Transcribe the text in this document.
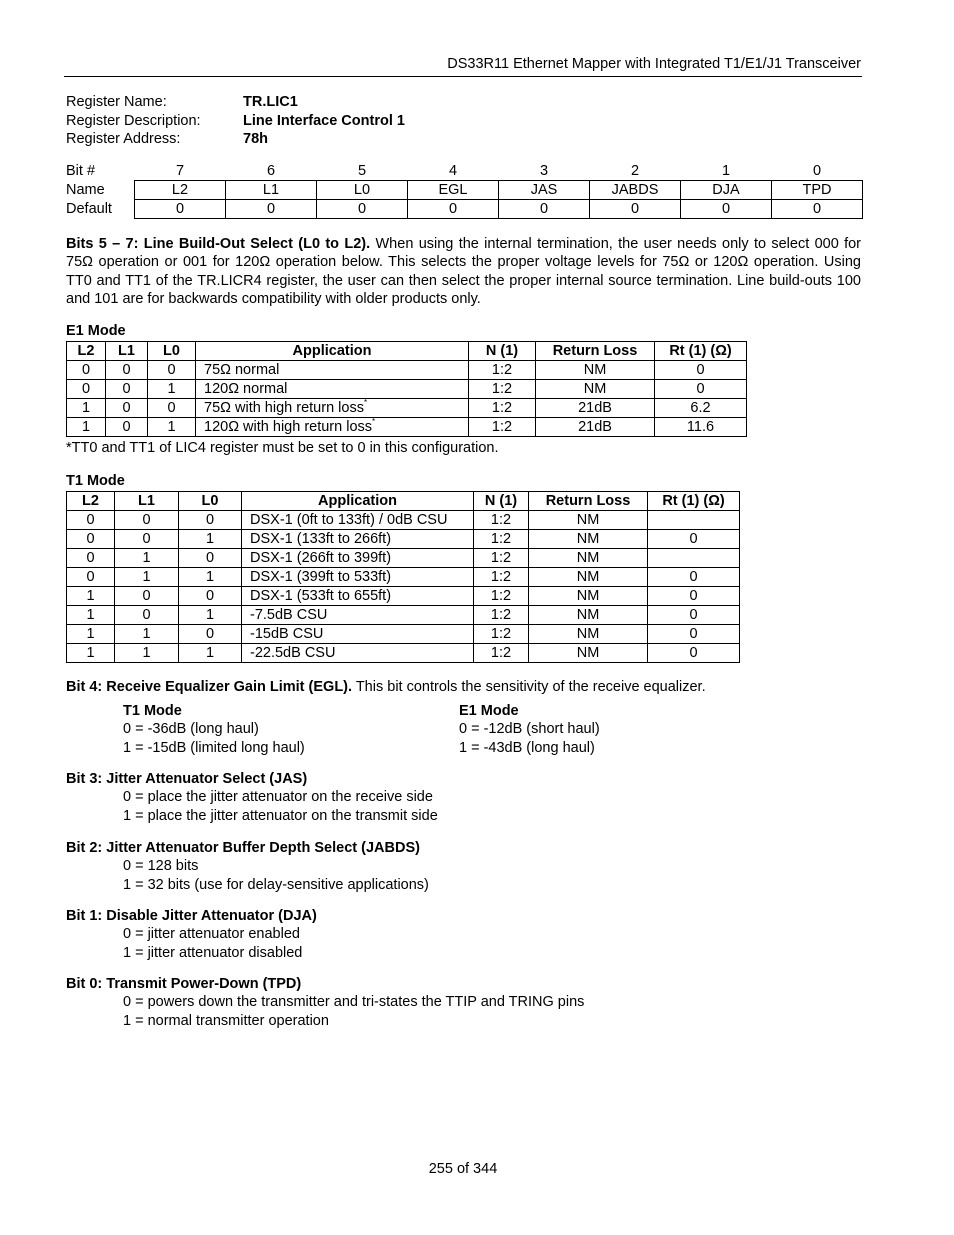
DS33R11 Ethernet Mapper with Integrated T1/E1/J1 Transceiver
Register Name:	TR.LIC1
Register Description:	Line Interface Control 1
Register Address:	78h
Bit #	7	6	5	4	3	2	1	0
Name	L2	L1	L0	EGL	JAS	JABDS	DJA	TPD
Default	0	0	0	0	0	0	0	0
Bits 5 – 7: Line Build-Out Select (L0 to L2). When using the internal termination, the user needs only to select 000 for 75Ω operation or 001 for 120Ω operation below. This selects the proper voltage levels for 75Ω or 120Ω operation. Using TT0 and TT1 of the TR.LICR4 register, the user can then select the proper internal source termination. Line build-outs 100 and 101 are for backwards compatibility with older products only.
E1 Mode
L2	L1	L0	Application	N (1)	Return Loss	Rt (1) (Ω)
0	0	0	75Ω normal	1:2	NM	0
0	0	1	120Ω normal	1:2	NM	0
1	0	0	75Ω with high return loss*	1:2	21dB	6.2
1	0	1	120Ω with high return loss*	1:2	21dB	11.6
*TT0 and TT1 of LIC4 register must be set to 0 in this configuration.
T1 Mode
L2	L1	L0	Application	N (1)	Return Loss	Rt (1) (Ω)
0	0	0	DSX-1 (0ft to 133ft) / 0dB CSU	1:2	NM	
0	0	1	DSX-1 (133ft to 266ft)	1:2	NM	0
0	1	0	DSX-1 (266ft to 399ft)	1:2	NM	
0	1	1	DSX-1 (399ft to 533ft)	1:2	NM	0
1	0	0	DSX-1 (533ft to 655ft)	1:2	NM	0
1	0	1	-7.5dB CSU	1:2	NM	0
1	1	0	-15dB CSU	1:2	NM	0
1	1	1	-22.5dB CSU	1:2	NM	0
Bit 4: Receive Equalizer Gain Limit (EGL). This bit controls the sensitivity of the receive equalizer.
T1 Mode
0 = -36dB (long haul)
1 = -15dB (limited long haul)
E1 Mode
0 = -12dB (short haul)
1 = -43dB (long haul)
Bit 3: Jitter Attenuator Select (JAS)
0 = place the jitter attenuator on the receive side
1 = place the jitter attenuator on the transmit side
Bit 2: Jitter Attenuator Buffer Depth Select (JABDS)
0 = 128 bits
1 = 32 bits (use for delay-sensitive applications)
Bit 1: Disable Jitter Attenuator (DJA)
0 = jitter attenuator enabled
1 = jitter attenuator disabled
Bit 0: Transmit Power-Down (TPD)
0 = powers down the transmitter and tri-states the TTIP and TRING pins
1 = normal transmitter operation
255 of 344
